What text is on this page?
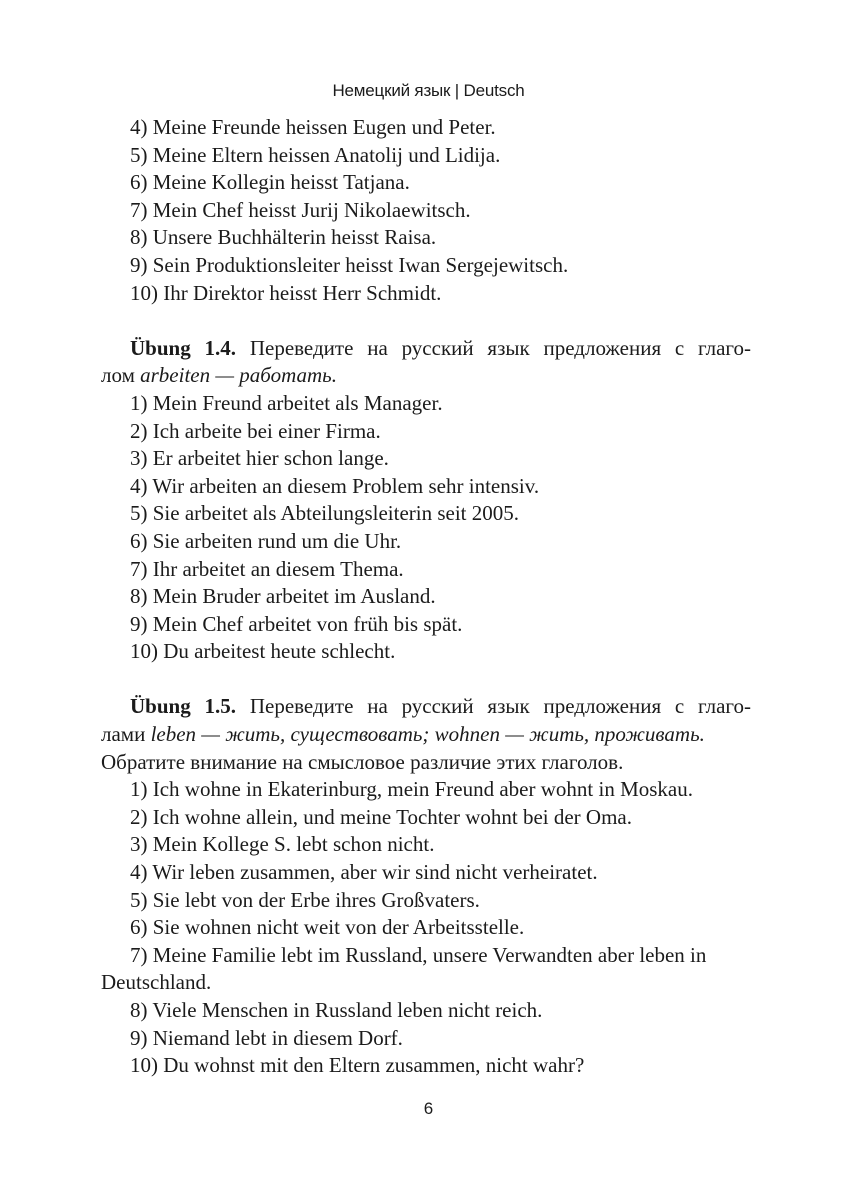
Немецкий язык | Deutsch
4) Meine Freunde heissen Eugen und Peter.
5) Meine Eltern heissen Anatolij und Lidija.
6) Meine Kollegin heisst Tatjana.
7) Mein Chef heisst Jurij Nikolaewitsch.
8) Unsere Buchhälterin heisst Raisa.
9) Sein Produktionsleiter heisst Iwan Sergejewitsch.
10) Ihr Direktor heisst Herr Schmidt.
Übung 1.4. Переведите на русский язык предложения с глаго-
лом arbeiten — работать.
1) Mein Freund arbeitet als Manager.
2) Ich arbeite bei einer Firma.
3) Er arbeitet hier schon lange.
4) Wir arbeiten an diesem Problem sehr intensiv.
5) Sie arbeitet als Abteilungsleiterin seit 2005.
6) Sie arbeiten rund um die Uhr.
7) Ihr arbeitet an diesem Thema.
8) Mein Bruder arbeitet im Ausland.
9) Mein Chef arbeitet von früh bis spät.
10) Du arbeitest heute schlecht.
Übung 1.5. Переведите на русский язык предложения с глаго-
лами leben — жить, существовать; wohnen — жить, проживать.
Обратите внимание на смысловое различие этих глаголов.
1) Ich wohne in Ekaterinburg, mein Freund aber wohnt in Moskau.
2) Ich wohne allein, und meine Tochter wohnt bei der Oma.
3) Mein Kollege S. lebt schon nicht.
4) Wir leben zusammen, aber wir sind nicht verheiratet.
5) Sie lebt von der Erbe ihres Großvaters.
6) Sie wohnen nicht weit von der Arbeitsstelle.
7) Meine Familie lebt im Russland, unsere Verwandten aber leben in
Deutschland.
8) Viele Menschen in Russland leben nicht reich.
9) Niemand lebt in diesem Dorf.
10) Du wohnst mit den Eltern zusammen, nicht wahr?
6
